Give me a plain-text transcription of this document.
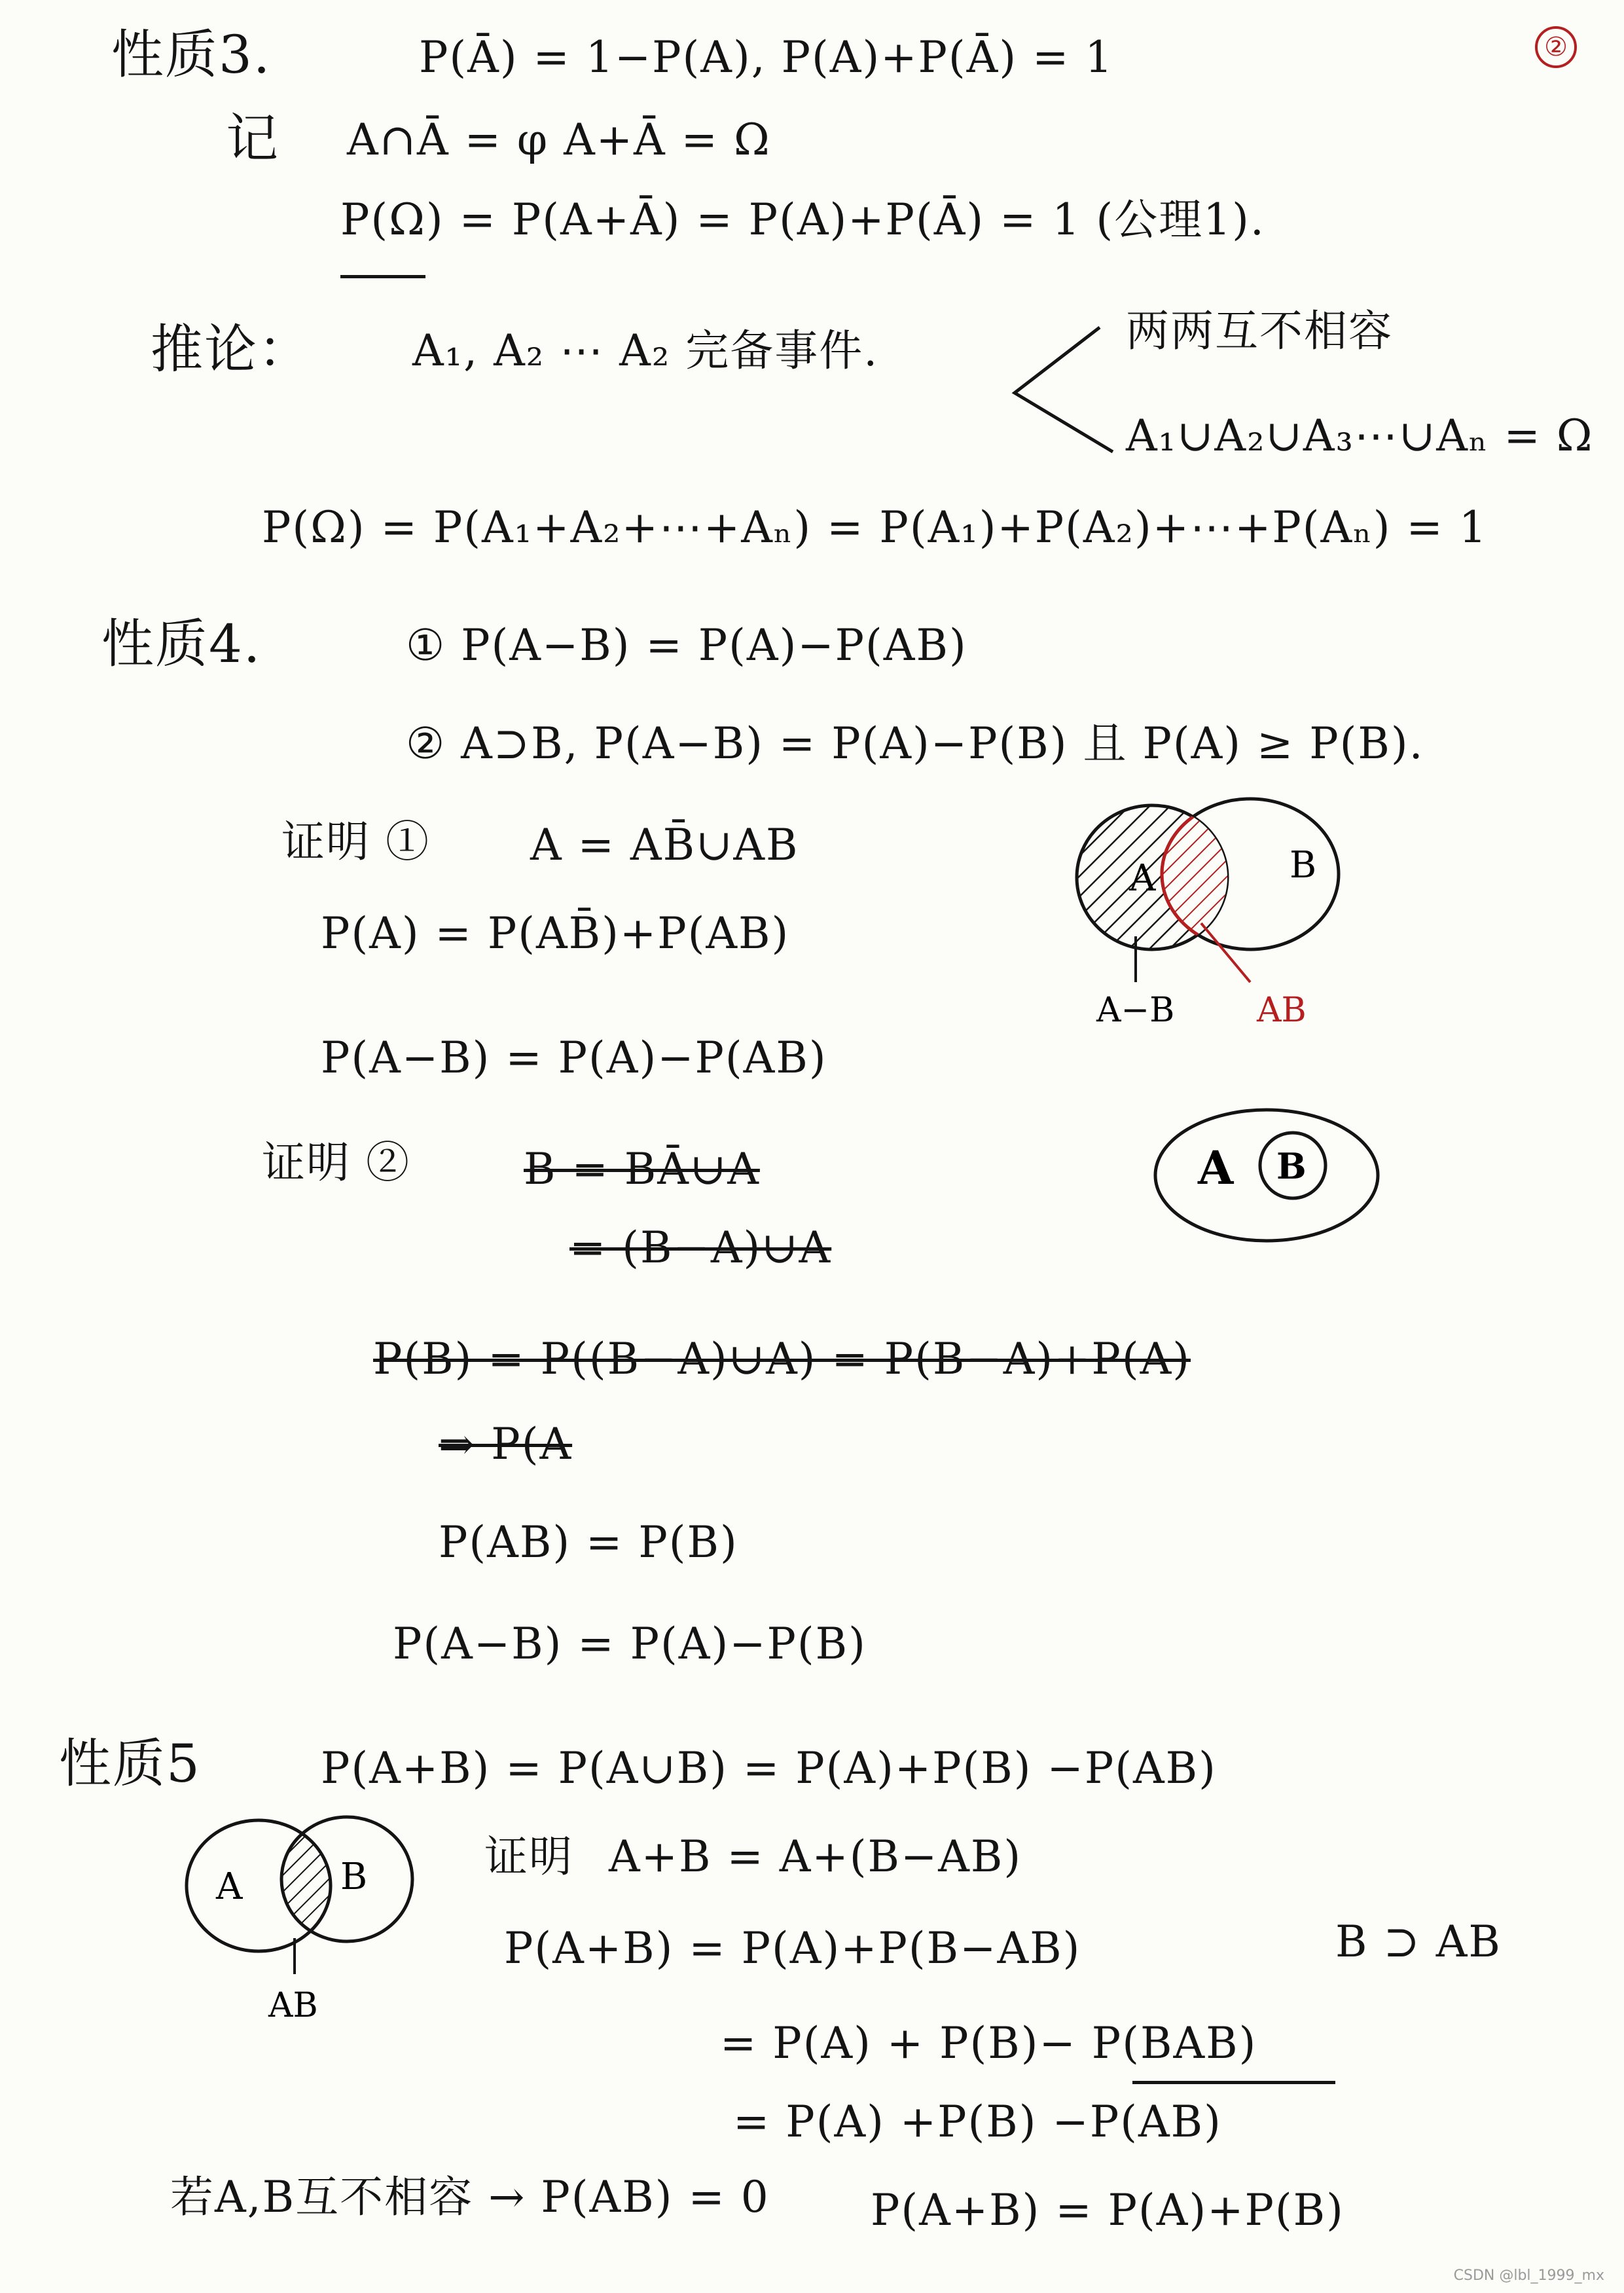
②
性质3.	P(Ā) = 1−P(A), P(A)+P(Ā) = 1
记 A∩Ā = φ A+Ā = Ω
P(Ω) = P(A+Ā) = P(A)+P(Ā) = 1 (公理1).
推论： A₁, A₂ ⋯ A₂ 完备事件.	两两互不相容
A₁∪A₂∪A₃⋯∪Aₙ = Ω
P(Ω) = P(A₁+A₂+⋯+Aₙ) = P(A₁)+P(A₂)+⋯+P(Aₙ) = 1
性质4.	① P(A−B) = P(A)−P(AB)
② A⊃B, P(A−B) = P(A)−P(B) 且 P(A) ≥ P(B).
证明 ① A = AB̄∪AB
P(A) = P(AB̄)+P(AB)
P(A−B) = P(A)−P(AB)
A	B
A−B AB
证明 ②	B = BĀ∪A
= (B−A)∪A
P(B) = P((B−A)∪A) = P(B−A)+P(A)
⇒ P(A
A B
P(AB) = P(B)
P(A−B) = P(A)−P(B)
性质5	P(A+B) = P(A∪B) = P(A)+P(B) −P(AB)
证明 A+B = A+(B−AB)
P(A+B) = P(A)+P(B−AB)	B ⊃ AB
= P(A) + P(B)− P(BAB)
= P(A) +P(B) −P(AB)
A	B
AB
若A,B互不相容 → P(AB) = 0 P(A+B) = P(A)+P(B)
CSDN @lbl_1999_mx
